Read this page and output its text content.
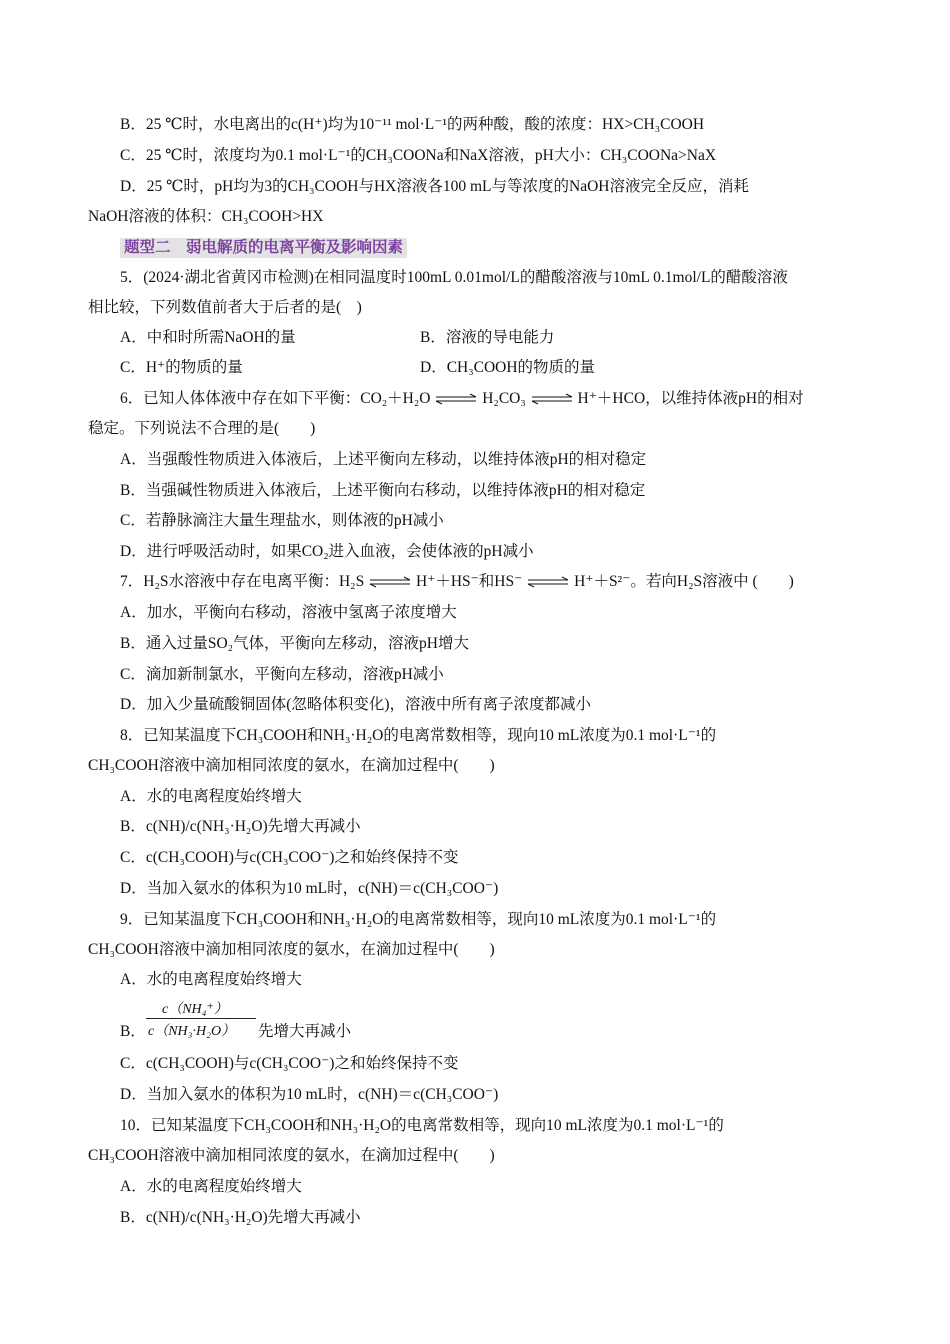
B．25 ℃时，水电离出的c(H⁺)均为10⁻¹¹ mol·L⁻¹的两种酸，酸的浓度：HX>CH₃COOH
C．25 ℃时，浓度均为0.1 mol·L⁻¹的CH₃COONa和NaX溶液，pH大小：CH₃COONa>NaX
D．25 ℃时，pH均为3的CH₃COOH与HX溶液各100 mL与等浓度的NaOH溶液完全反应，消耗
NaOH溶液的体积：CH₃COOH>HX
题型二　弱电解质的电离平衡及影响因素
5．(2024·湖北省黄冈市检测)在相同温度时100mL 0.01mol/L的醋酸溶液与10mL 0.1mol/L的醋酸溶液
相比较，下列数值前者大于后者的是(　)
A．中和时所需NaOH的量	B．溶液的导电能力
C．H⁺的物质的量	D．CH₃COOH的物质的量
6．已知人体体液中存在如下平衡：CO₂＋H₂O ⇌ H₂CO₃ ⇌ H⁺＋HCO，以维持体液pH的相对
稳定。下列说法不合理的是(　　)
A．当强酸性物质进入体液后，上述平衡向左移动，以维持体液pH的相对稳定
B．当强碱性物质进入体液后，上述平衡向右移动，以维持体液pH的相对稳定
C．若静脉滴注大量生理盐水，则体液的pH减小
D．进行呼吸活动时，如果CO₂进入血液，会使体液的pH减小
7．H₂S水溶液中存在电离平衡：H₂S ⇌ H⁺＋HS⁻和HS⁻ ⇌ H⁺＋S²⁻。若向H₂S溶液中 (　　)
A．加水，平衡向右移动，溶液中氢离子浓度增大
B．通入过量SO₂气体，平衡向左移动，溶液pH增大
C．滴加新制氯水，平衡向左移动，溶液pH减小
D．加入少量硫酸铜固体(忽略体积变化)，溶液中所有离子浓度都减小
8．已知某温度下CH₃COOH和NH₃·H₂O的电离常数相等，现向10 mL浓度为0.1 mol·L⁻¹的
CH₃COOH溶液中滴加相同浓度的氨水，在滴加过程中(　　)
A．水的电离程度始终增大
B．c(NH)/c(NH₃·H₂O)先增大再减小
C．c(CH₃COOH)与c(CH₃COO⁻)之和始终保持不变
D．当加入氨水的体积为10 mL时，c(NH)＝c(CH₃COO⁻)
9．已知某温度下CH₃COOH和NH₃·H₂O的电离常数相等，现向10 mL浓度为0.1 mol·L⁻¹的
CH₃COOH溶液中滴加相同浓度的氨水，在滴加过程中(　　)
A．水的电离程度始终增大
B．
c（NH₄⁺）
c（NH₃·H₂O） 先增大再减小
C．c(CH₃COOH)与c(CH₃COO⁻)之和始终保持不变
D．当加入氨水的体积为10 mL时，c(NH)＝c(CH₃COO⁻)
10．已知某温度下CH₃COOH和NH₃·H₂O的电离常数相等，现向10 mL浓度为0.1 mol·L⁻¹的
CH₃COOH溶液中滴加相同浓度的氨水，在滴加过程中(　　)
A．水的电离程度始终增大
B．c(NH)/c(NH₃·H₂O)先增大再减小
